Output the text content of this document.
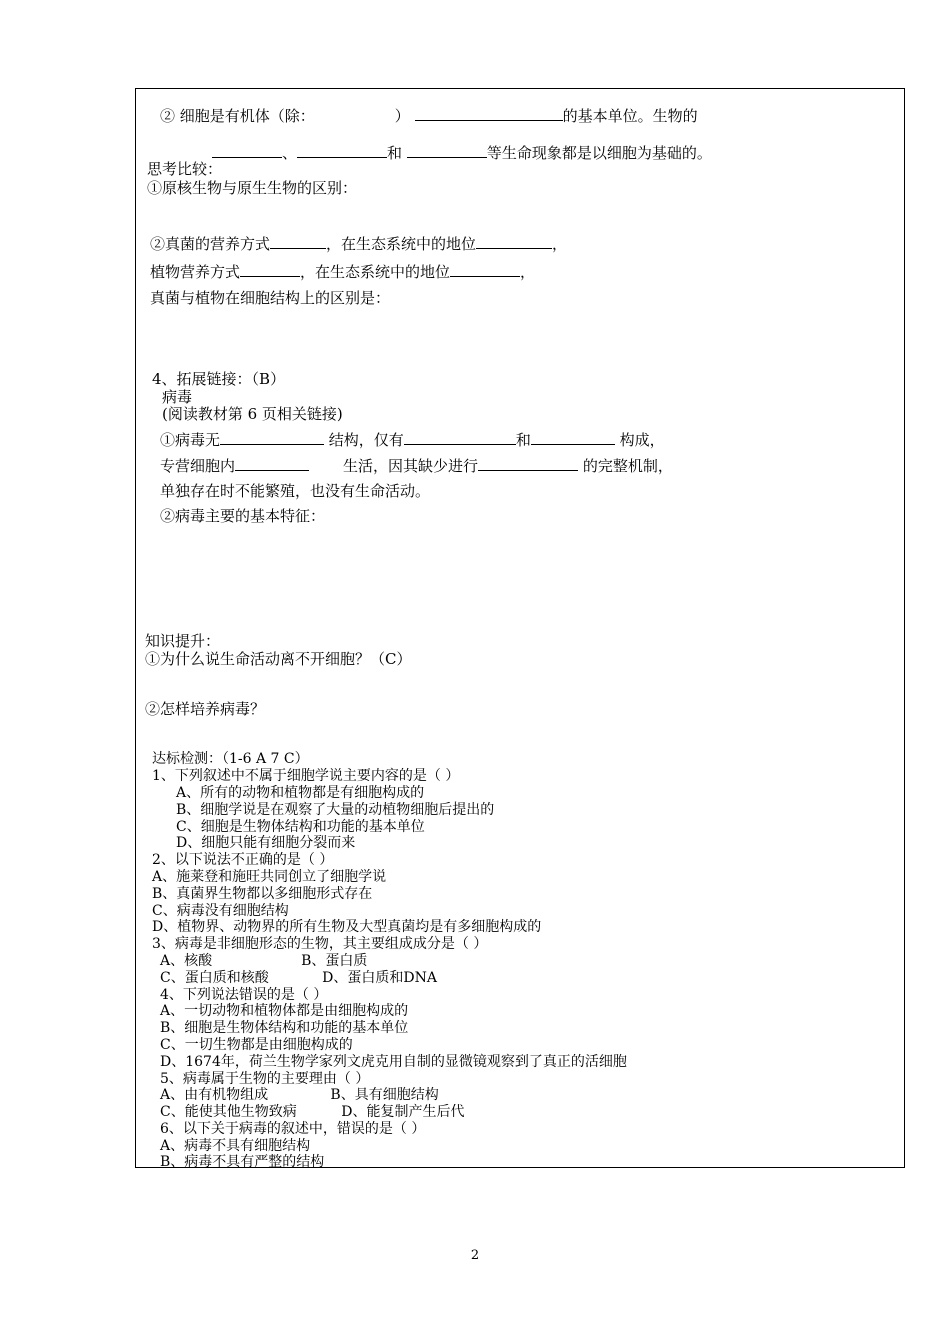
② 细胞是有机体（除：	）	的基本单位。生物的
、	和	等生命现象都是以细胞为基础的。
思考比较：
①原核生物与原生生物的区别：
②真菌的营养方式	，在生态系统中的地位	，
植物营养方式	，在生态系统中的地位	，
真菌与植物在细胞结构上的区别是：
4、拓展链接：（B）
病毒
(阅读教材第 6 页相关链接)
①病毒无	结构，仅有	和	构成，
专营细胞内	生活，因其缺少进行	的完整机制，
单独存在时不能繁殖，也没有生命活动。
②病毒主要的基本特征：
知识提升：
①为什么说生命活动离不开细胞？（C）
②怎样培养病毒？
达标检测：（1-6 A 7 C）
1、下列叙述中不属于细胞学说主要内容的是（ ）
A、所有的动物和植物都是有细胞构成的
B、细胞学说是在观察了大量的动植物细胞后提出的
C、细胞是生物体结构和功能的基本单位
D、细胞只能有细胞分裂而来
2、以下说法不正确的是（ ）
A、施莱登和施旺共同创立了细胞学说
B、真菌界生物都以多细胞形式存在
C、病毒没有细胞结构
D、植物界、动物界的所有生物及大型真菌均是有多细胞构成的
3、病毒是非细胞形态的生物，其主要组成成分是（ ）
A、核酸                    B、蛋白质
C、蛋白质和核酸            D、蛋白质和DNA
4、下列说法错误的是（ ）
A、一切动物和植物体都是由细胞构成的
B、细胞是生物体结构和功能的基本单位
C、一切生物都是由细胞构成的
D、1674年，荷兰生物学家列文虎克用自制的显微镜观察到了真正的活细胞
5、病毒属于生物的主要理由（ ）
A、由有机物组成              B、具有细胞结构
C、能使其他生物致病          D、能复制产生后代
6、以下关于病毒的叙述中，错误的是（ ）
A、病毒不具有细胞结构
B、病毒不具有严整的结构
2
